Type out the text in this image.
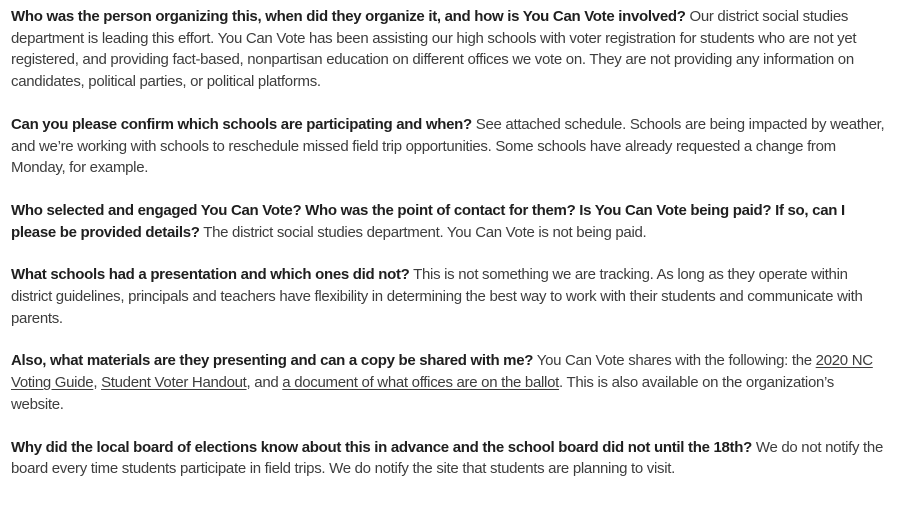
Who was the person organizing this, when did they organize it, and how is You Can Vote involved? Our district social studies department is leading this effort. You Can Vote has been assisting our high schools with voter registration for students who are not yet registered, and providing fact-based, nonpartisan education on different offices we vote on. They are not providing any information on candidates, political parties, or political platforms.

Can you please confirm which schools are participating and when? See attached schedule. Schools are being impacted by weather, and we’re working with schools to reschedule missed field trip opportunities. Some schools have already requested a change from Monday, for example.

Who selected and engaged You Can Vote? Who was the point of contact for them? Is You Can Vote being paid? If so, can I please be provided details? The district social studies department. You Can Vote is not being paid.

What schools had a presentation and which ones did not? This is not something we are tracking. As long as they operate within district guidelines, principals and teachers have flexibility in determining the best way to work with their students and communicate with parents.

Also, what materials are they presenting and can a copy be shared with me? You Can Vote shares with the following: the 2020 NC Voting Guide, Student Voter Handout, and a document of what offices are on the ballot. This is also available on the organization’s website.

Why did the local board of elections know about this in advance and the school board did not until the 18th? We do not notify the board every time students participate in field trips. We do notify the site that students are planning to visit.
